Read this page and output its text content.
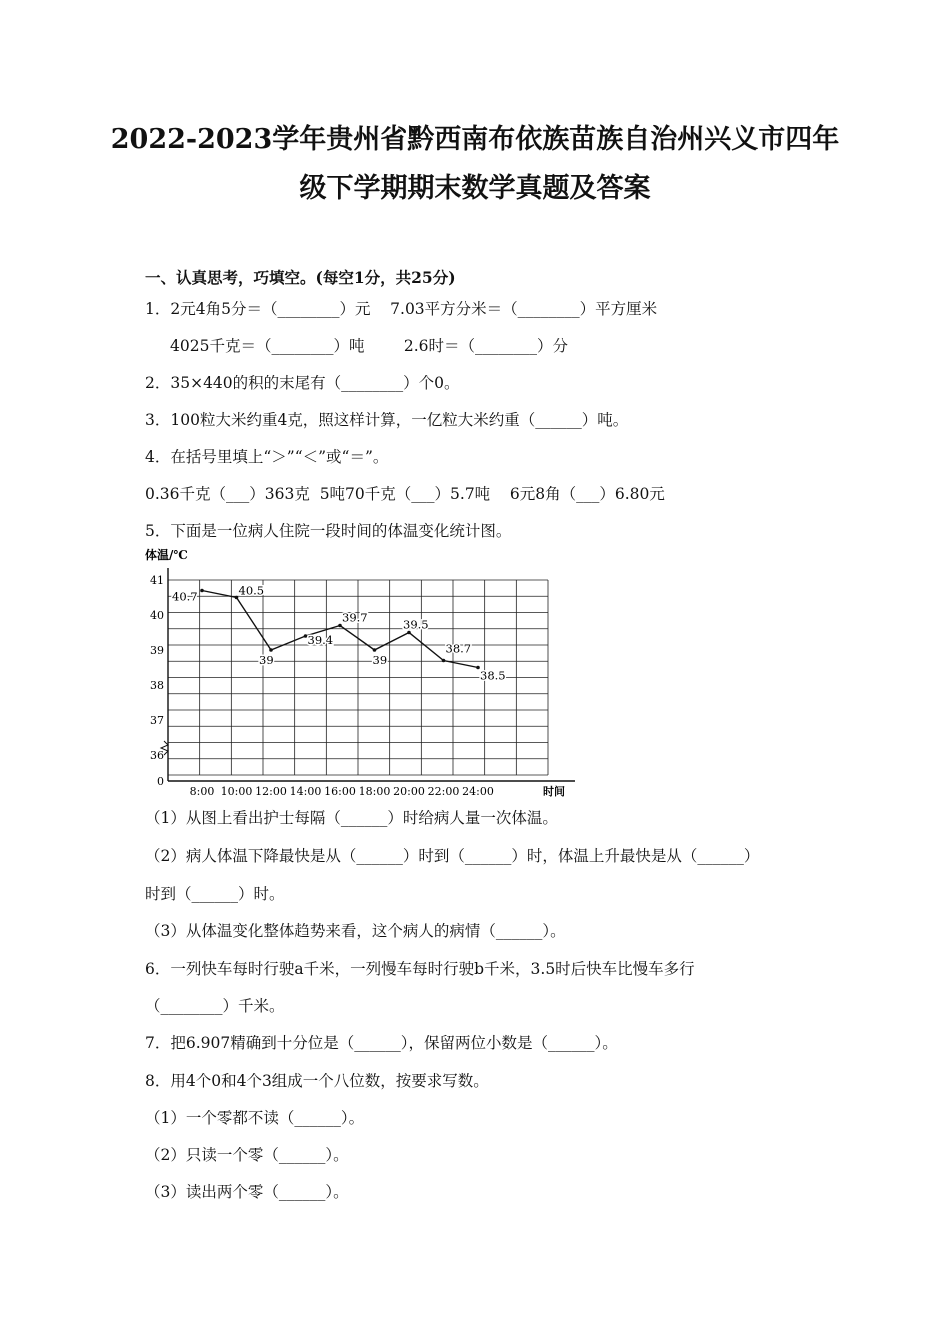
2022-2023学年贵州省黔西南布依族苗族自治州兴义市四年
级下学期期末数学真题及答案
一、认真思考，巧填空。(每空1分，共25分)
1．2元4角5分＝（________）元    7.03平方分米＝（________）平方厘米
4025千克＝（________）吨        2.6时＝（________）分
2．35×440的积的末尾有（________）个0。
3．100粒大米约重4克，照这样计算，一亿粒大米约重（______）吨。
4．在括号里填上“＞”“＜”或“＝”。
0.36千克（___）363克  5吨70千克（___）5.7吨    6元8角（___）6.80元
5．下面是一位病人住院一段时间的体温变化统计图。
体温/℃
41
40
39
38
37
36
0
8:00 10:00 12:00 14:00 16:00 18:00 20:00 22:00 24:00
40.7	40.5
39
39.4
39.7
39
39.5
38.7
38.5
时间
（1）从图上看出护士每隔（______）时给病人量一次体温。
（2）病人体温下降最快是从（______）时到（______）时，体温上升最快是从（______）
时到（______）时。
（3）从体温变化整体趋势来看，这个病人的病情（______）。
6．一列快车每时行驶a千米，一列慢车每时行驶b千米，3.5时后快车比慢车多行
（________）千米。
7．把6.907精确到十分位是（______），保留两位小数是（______）。
8．用4个0和4个3组成一个八位数，按要求写数。
（1）一个零都不读（______）。
（2）只读一个零（______）。
（3）读出两个零（______）。
